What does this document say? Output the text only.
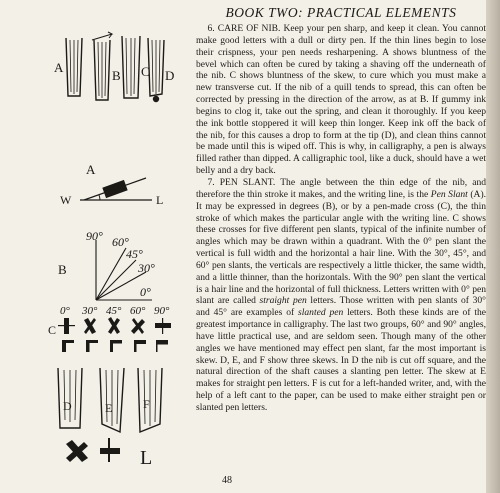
BOOK TWO: PRACTICAL ELEMENTS

6. CARE OF NIB. Keep your pen sharp, and keep it clean. You cannot make good letters with a dull or dirty pen. If the thin lines begin to lose their crispness, your pen needs resharpening. A shows bluntness of the bevel which can often be cured by taking a shaving off the underneath of the nib. C shows bluntness of the skew, to cure which you must make a new transverse cut. If the nib of a quill tends to spread, this can often be corrected by pressing in the direction of the arrow, as at B. If gummy ink begins to clog it, take out the spring, and clean it thoroughly. If you keep the ink bottle stoppered it will keep thin longer. Keep ink off the back of the nib, for this causes a drop to form at the tip (D), and clean thins cannot be made until this is wiped off. This is why, in calligraphy, a pen is always filled rather than dipped. A calligraphic tool, like a duck, should have a wet belly and a dry back.

7. PEN SLANT. The angle between the thin edge of the nib, and therefore the thin stroke it makes, and the writing line, is the Pen Slant (A). It may be expressed in degrees (B), or by a pen-made cross (C), the thin stroke of which makes the particular angle with the writing line. C shows these crosses for five different pen slants, typical of the infinite number of angles which may be drawn within a quadrant. With the 0° pen slant the vertical is full width and the horizontal a hair line. With the 30°, 45°, and 60° pen slants, the verticals are respectively a little thicker, the same width, and a little thinner, than the horizontals. With the 90° pen slant the vertical is a hair line and the horizontal of full thickness. Letters written with 0° pen slant are called straight pen letters. Those written with pen slants of 30° and 45° are examples of slanted pen letters. Both these kinds are of the greatest importance in calligraphy. The last two groups, 60° and 90° angles, have little practical use, and are seldom seen. Though many of the other angles we have mentioned may effect pen slant, far the most important is skew. D, E, and F show three skews. In D the nib is cut off square, and the natural direction of the shaft causes a slanting pen letter. The skew at E makes for straight pen letters. F is cut for a left-handed writer, and, with the help of a left cant to the paper, can be used to make either straight pen or slanted pen letters.

48
A
B C D
A
W	L
B
90° 60°
45°
30°
0°
0° 30° 45° 60° 90°
C
D	E	F
L
